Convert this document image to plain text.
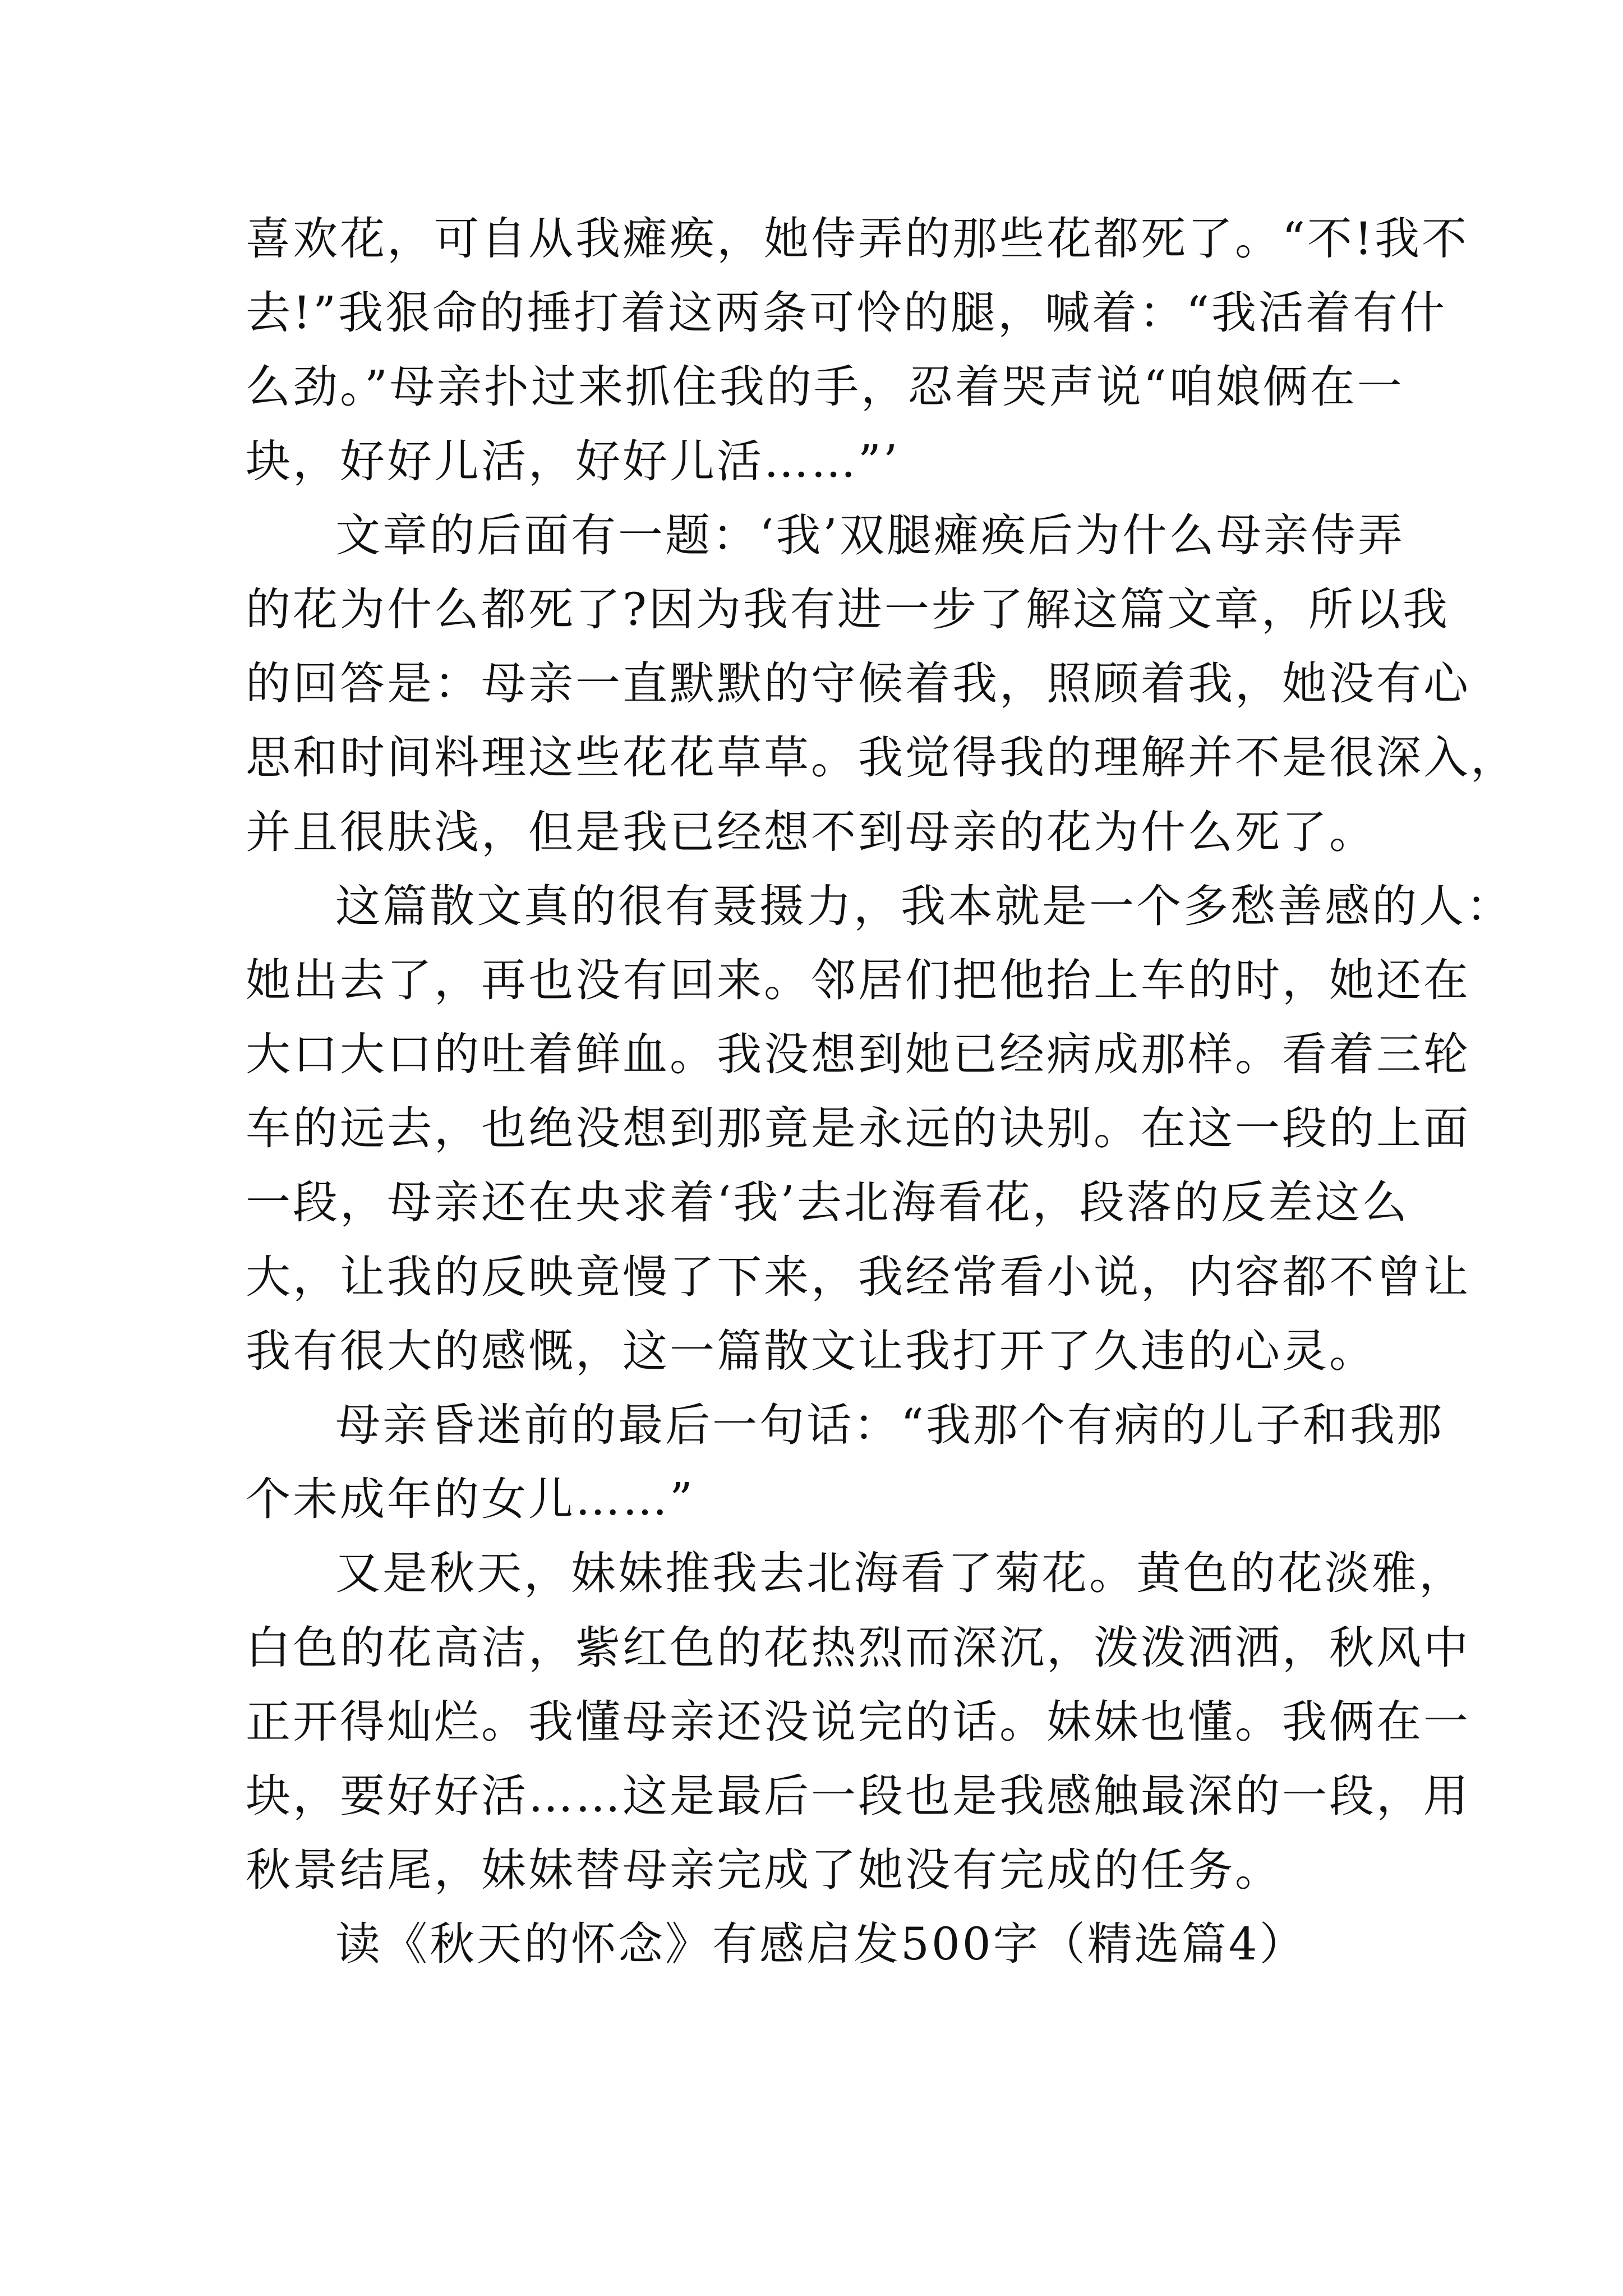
喜欢花，可自从我瘫痪，她侍弄的那些花都死了。“不!我不
去!”我狠命的捶打着这两条可怜的腿，喊着：“我活着有什
么劲。”母亲扑过来抓住我的手，忍着哭声说“咱娘俩在一
块，好好儿活，好好儿活……”’
文章的后面有一题：‘我’双腿瘫痪后为什么母亲侍弄
的花为什么都死了?因为我有进一步了解这篇文章，所以我
的回答是：母亲一直默默的守候着我，照顾着我，她没有心
思和时间料理这些花花草草。我觉得我的理解并不是很深入，
并且很肤浅，但是我已经想不到母亲的花为什么死了。
这篇散文真的很有聂摄力，我本就是一个多愁善感的人：
她出去了，再也没有回来。邻居们把他抬上车的时，她还在
大口大口的吐着鲜血。我没想到她已经病成那样。看着三轮
车的远去，也绝没想到那竟是永远的诀别。在这一段的上面
一段，母亲还在央求着‘我’去北海看花，段落的反差这么
大，让我的反映竟慢了下来，我经常看小说，内容都不曾让
我有很大的感慨，这一篇散文让我打开了久违的心灵。
母亲昏迷前的最后一句话：“我那个有病的儿子和我那
个未成年的女儿……”
又是秋天，妹妹推我去北海看了菊花。黄色的花淡雅，
白色的花高洁，紫红色的花热烈而深沉，泼泼洒洒，秋风中
正开得灿烂。我懂母亲还没说完的话。妹妹也懂。我俩在一
块，要好好活……这是最后一段也是我感触最深的一段，用
秋景结尾，妹妹替母亲完成了她没有完成的任务。
读《秋天的怀念》有感启发500字（精选篇4）
